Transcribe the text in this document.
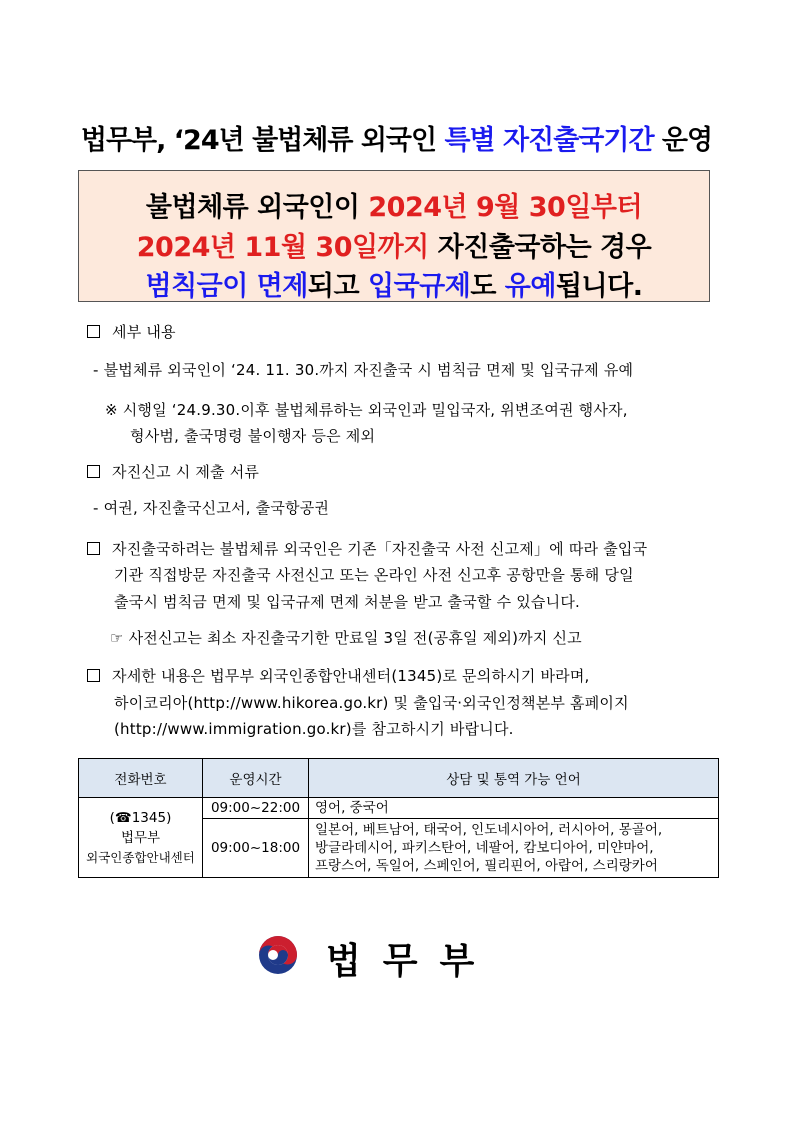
법무부, ‘24년 불법체류 외국인 특별 자진출국기간 운영
불법체류 외국인이 2024년 9월 30일부터
2024년 11월 30일까지 자진출국하는 경우
범칙금이 면제되고 입국규제도 유예됩니다.
세부 내용
- 불법체류 외국인이 ‘24. 11. 30.까지 자진출국 시 범칙금 면제 및 입국규제 유예
※ 시행일 ‘24.9.30.이후 불법체류하는 외국인과 밀입국자, 위변조여권 행사자,
형사범, 출국명령 불이행자 등은 제외
자진신고 시 제출 서류
- 여권, 자진출국신고서, 출국항공권
자진출국하려는 불법체류 외국인은 기존「자진출국 사전 신고제」에 따라 출입국
기관 직접방문 자진출국 사전신고 또는 온라인 사전 신고후 공항만을 통해 당일
출국시 범칙금 면제 및 입국규제 면제 처분을 받고 출국할 수 있습니다.
☞ 사전신고는 최소 자진출국기한 만료일 3일 전(공휴일 제외)까지 신고
자세한 내용은 법무부 외국인종합안내센터(1345)로 문의하시기 바라며,
하이코리아(http://www.hikorea.go.kr) 및 출입국·외국인정책본부 홈페이지
(http://www.immigration.go.kr)를 참고하시기 바랍니다.
전화번호	운영시간	상담 및 통역 가능 언어

(☎1345)
법무부
외국인종합안내센터	09:00~22:00	영어, 중국어
	09:00~18:00	일본어, 베트남어, 태국어, 인도네시아어, 러시아어, 몽골어,
방글라데시어, 파키스탄어, 네팔어, 캄보디아어, 미얀마어,
프랑스어, 독일어, 스페인어, 필리핀어, 아랍어, 스리랑카어
법무부
